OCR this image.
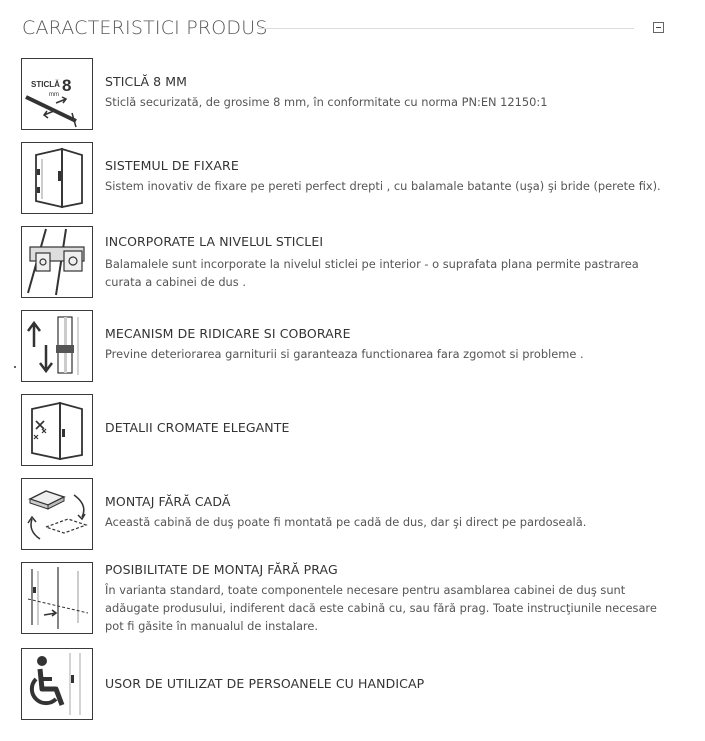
CARACTERISTICI PRODUS
STICLĂ 8
mm

STICLĂ 8 MM

Sticlă securizată, de grosime 8 mm, în conformitate cu norma PN:EN 12150:1

SISTEMUL DE FIXARE

Sistem inovativ de fixare pe pereti perfect drepti , cu balamale batante (uşa) şi bride (perete fix).

INCORPORATE LA NIVELUL STICLEI

Balamalele sunt incorporate la nivelul sticlei pe interior - o suprafata plana permite pastrarea curata a cabinei de dus .

MECANISM DE RIDICARE SI COBORARE

Previne deteriorarea garniturii si garanteaza functionarea fara zgomot si probleme .

DETALII CROMATE ELEGANTE

MONTAJ FĂRĂ CADĂ

Această cabină de duş poate fi montată pe cadă de dus, dar şi direct pe pardoseală.

POSIBILITATE DE MONTAJ FĂRĂ PRAG

În varianta standard, toate componentele necesare pentru asamblarea cabinei de duş sunt adăugate produsului, indiferent dacă este cabină cu, sau fără prag. Toate instrucţiunile necesare pot fi găsite în manualul de instalare.

USOR DE UTILIZAT DE PERSOANELE CU HANDICAP
